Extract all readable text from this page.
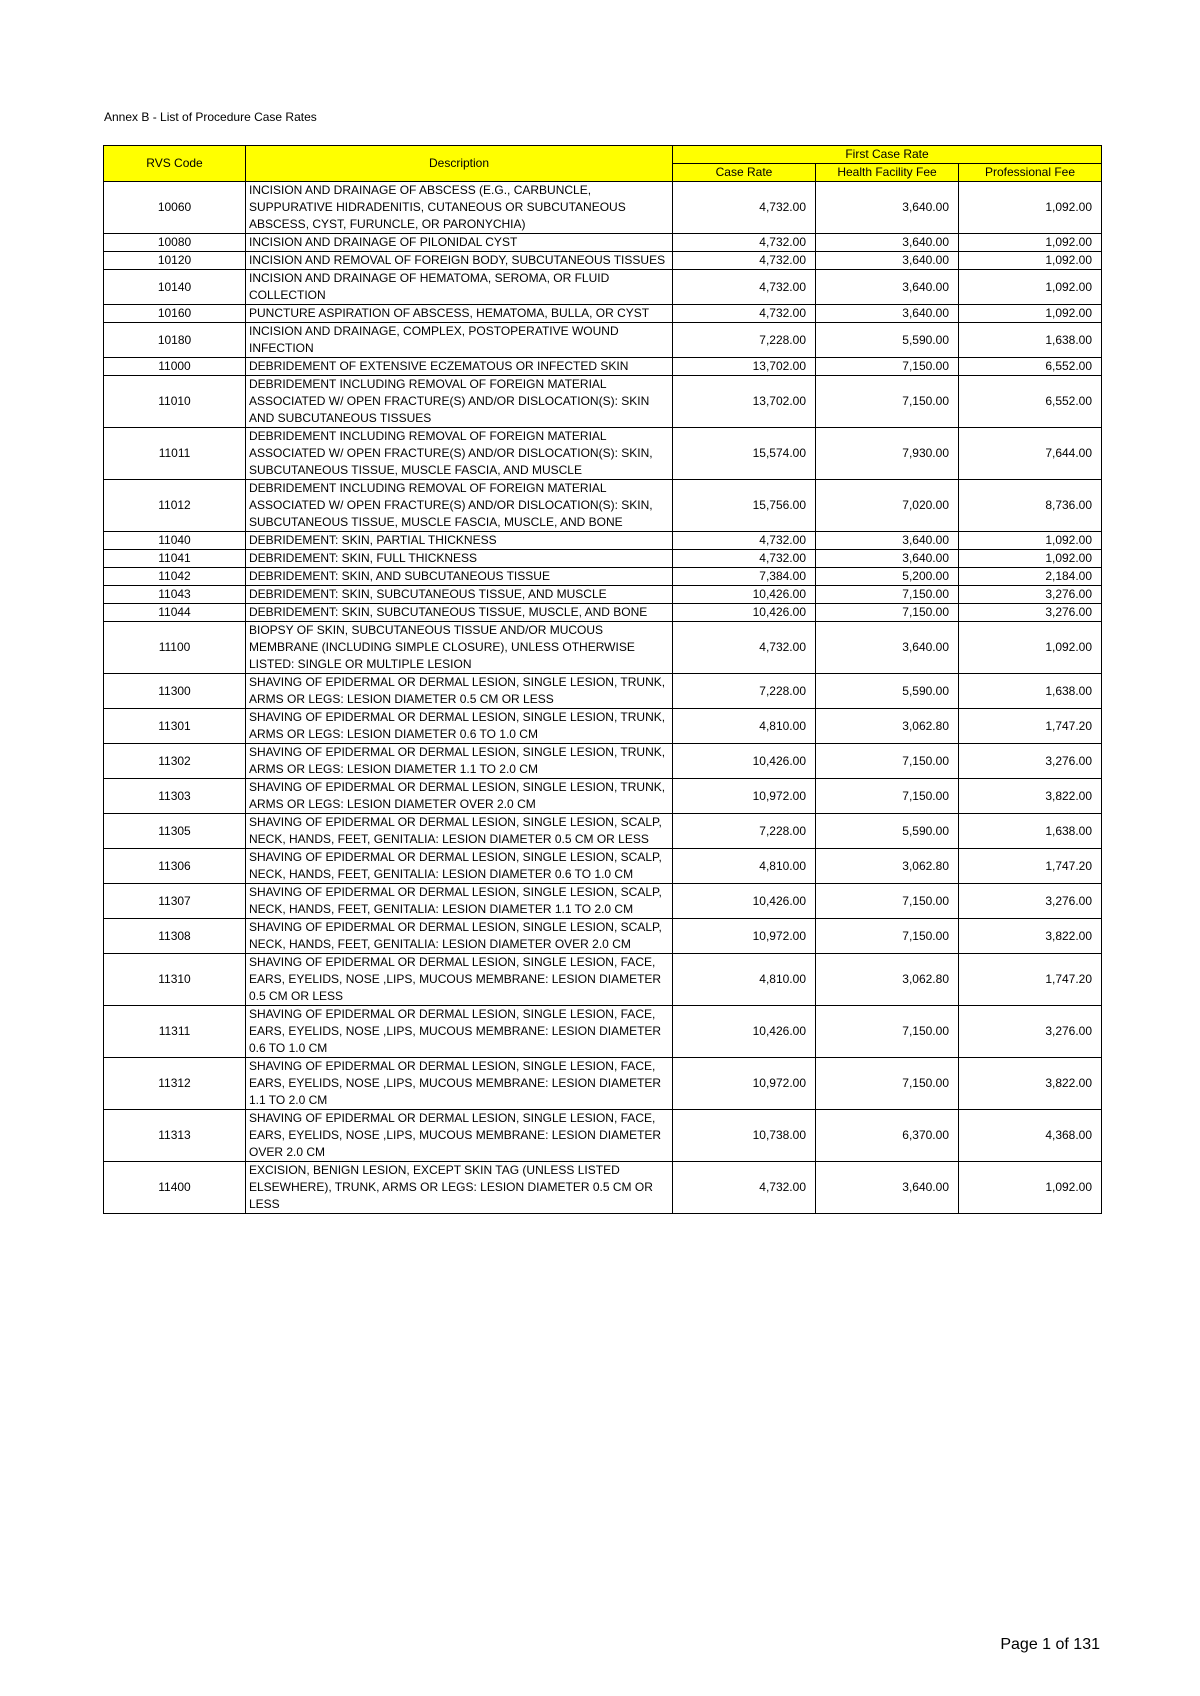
Annex B - List of Procedure Case Rates
RVS Code	Description	First Case Rate		
		Case Rate	Health Facility Fee	Professional Fee
10060	INCISION AND DRAINAGE OF ABSCESS (E.G., CARBUNCLE, SUPPURATIVE HIDRADENITIS, CUTANEOUS OR SUBCUTANEOUS ABSCESS, CYST, FURUNCLE, OR PARONYCHIA)	4,732.00	3,640.00	1,092.00
10080	INCISION AND DRAINAGE OF PILONIDAL CYST	4,732.00	3,640.00	1,092.00
10120	INCISION AND REMOVAL OF FOREIGN BODY, SUBCUTANEOUS TISSUES	4,732.00	3,640.00	1,092.00
10140	INCISION AND DRAINAGE OF HEMATOMA, SEROMA, OR FLUID COLLECTION	4,732.00	3,640.00	1,092.00
10160	PUNCTURE ASPIRATION OF ABSCESS, HEMATOMA, BULLA, OR CYST	4,732.00	3,640.00	1,092.00
10180	INCISION AND DRAINAGE, COMPLEX, POSTOPERATIVE WOUND INFECTION	7,228.00	5,590.00	1,638.00
11000	DEBRIDEMENT OF EXTENSIVE ECZEMATOUS OR INFECTED SKIN	13,702.00	7,150.00	6,552.00
11010	DEBRIDEMENT INCLUDING REMOVAL OF FOREIGN MATERIAL ASSOCIATED W/ OPEN FRACTURE(S) AND/OR DISLOCATION(S): SKIN AND SUBCUTANEOUS TISSUES	13,702.00	7,150.00	6,552.00
11011	DEBRIDEMENT INCLUDING REMOVAL OF FOREIGN MATERIAL ASSOCIATED W/ OPEN FRACTURE(S) AND/OR DISLOCATION(S): SKIN, SUBCUTANEOUS TISSUE, MUSCLE FASCIA, AND MUSCLE	15,574.00	7,930.00	7,644.00
11012	DEBRIDEMENT INCLUDING REMOVAL OF FOREIGN MATERIAL ASSOCIATED W/ OPEN FRACTURE(S) AND/OR DISLOCATION(S): SKIN, SUBCUTANEOUS TISSUE, MUSCLE FASCIA, MUSCLE, AND BONE	15,756.00	7,020.00	8,736.00
11040	DEBRIDEMENT: SKIN, PARTIAL THICKNESS	4,732.00	3,640.00	1,092.00
11041	DEBRIDEMENT: SKIN, FULL THICKNESS	4,732.00	3,640.00	1,092.00
11042	DEBRIDEMENT: SKIN, AND SUBCUTANEOUS TISSUE	7,384.00	5,200.00	2,184.00
11043	DEBRIDEMENT: SKIN, SUBCUTANEOUS TISSUE, AND MUSCLE	10,426.00	7,150.00	3,276.00
11044	DEBRIDEMENT: SKIN, SUBCUTANEOUS TISSUE, MUSCLE, AND BONE	10,426.00	7,150.00	3,276.00
11100	BIOPSY OF SKIN, SUBCUTANEOUS TISSUE AND/OR MUCOUS MEMBRANE (INCLUDING SIMPLE CLOSURE), UNLESS OTHERWISE LISTED: SINGLE OR MULTIPLE LESION	4,732.00	3,640.00	1,092.00
11300	SHAVING OF EPIDERMAL OR DERMAL LESION, SINGLE LESION, TRUNK, ARMS OR LEGS: LESION DIAMETER 0.5 CM OR LESS	7,228.00	5,590.00	1,638.00
11301	SHAVING OF EPIDERMAL OR DERMAL LESION, SINGLE LESION, TRUNK, ARMS OR LEGS: LESION DIAMETER 0.6 TO 1.0 CM	4,810.00	3,062.80	1,747.20
11302	SHAVING OF EPIDERMAL OR DERMAL LESION, SINGLE LESION, TRUNK, ARMS OR LEGS: LESION DIAMETER 1.1 TO 2.0 CM	10,426.00	7,150.00	3,276.00
11303	SHAVING OF EPIDERMAL OR DERMAL LESION, SINGLE LESION, TRUNK, ARMS OR LEGS: LESION DIAMETER OVER 2.0 CM	10,972.00	7,150.00	3,822.00
11305	SHAVING OF EPIDERMAL OR DERMAL LESION, SINGLE LESION, SCALP, NECK, HANDS, FEET, GENITALIA: LESION DIAMETER 0.5 CM OR LESS	7,228.00	5,590.00	1,638.00
11306	SHAVING OF EPIDERMAL OR DERMAL LESION, SINGLE LESION, SCALP, NECK, HANDS, FEET, GENITALIA: LESION DIAMETER 0.6 TO 1.0 CM	4,810.00	3,062.80	1,747.20
11307	SHAVING OF EPIDERMAL OR DERMAL LESION, SINGLE LESION, SCALP, NECK, HANDS, FEET, GENITALIA: LESION DIAMETER 1.1 TO 2.0 CM	10,426.00	7,150.00	3,276.00
11308	SHAVING OF EPIDERMAL OR DERMAL LESION, SINGLE LESION, SCALP, NECK, HANDS, FEET, GENITALIA: LESION DIAMETER OVER 2.0 CM	10,972.00	7,150.00	3,822.00
11310	SHAVING OF EPIDERMAL OR DERMAL LESION, SINGLE LESION, FACE, EARS, EYELIDS, NOSE ,LIPS, MUCOUS MEMBRANE: LESION DIAMETER 0.5 CM OR LESS	4,810.00	3,062.80	1,747.20
11311	SHAVING OF EPIDERMAL OR DERMAL LESION, SINGLE LESION, FACE, EARS, EYELIDS, NOSE ,LIPS, MUCOUS MEMBRANE: LESION DIAMETER 0.6 TO 1.0 CM	10,426.00	7,150.00	3,276.00
11312	SHAVING OF EPIDERMAL OR DERMAL LESION, SINGLE LESION, FACE, EARS, EYELIDS, NOSE ,LIPS, MUCOUS MEMBRANE: LESION DIAMETER 1.1 TO 2.0 CM	10,972.00	7,150.00	3,822.00
11313	SHAVING OF EPIDERMAL OR DERMAL LESION, SINGLE LESION, FACE, EARS, EYELIDS, NOSE ,LIPS, MUCOUS MEMBRANE: LESION DIAMETER OVER 2.0 CM	10,738.00	6,370.00	4,368.00
11400	EXCISION, BENIGN LESION, EXCEPT SKIN TAG (UNLESS LISTED ELSEWHERE), TRUNK, ARMS OR LEGS: LESION DIAMETER 0.5 CM OR LESS	4,732.00	3,640.00	1,092.00
Page 1 of 131
